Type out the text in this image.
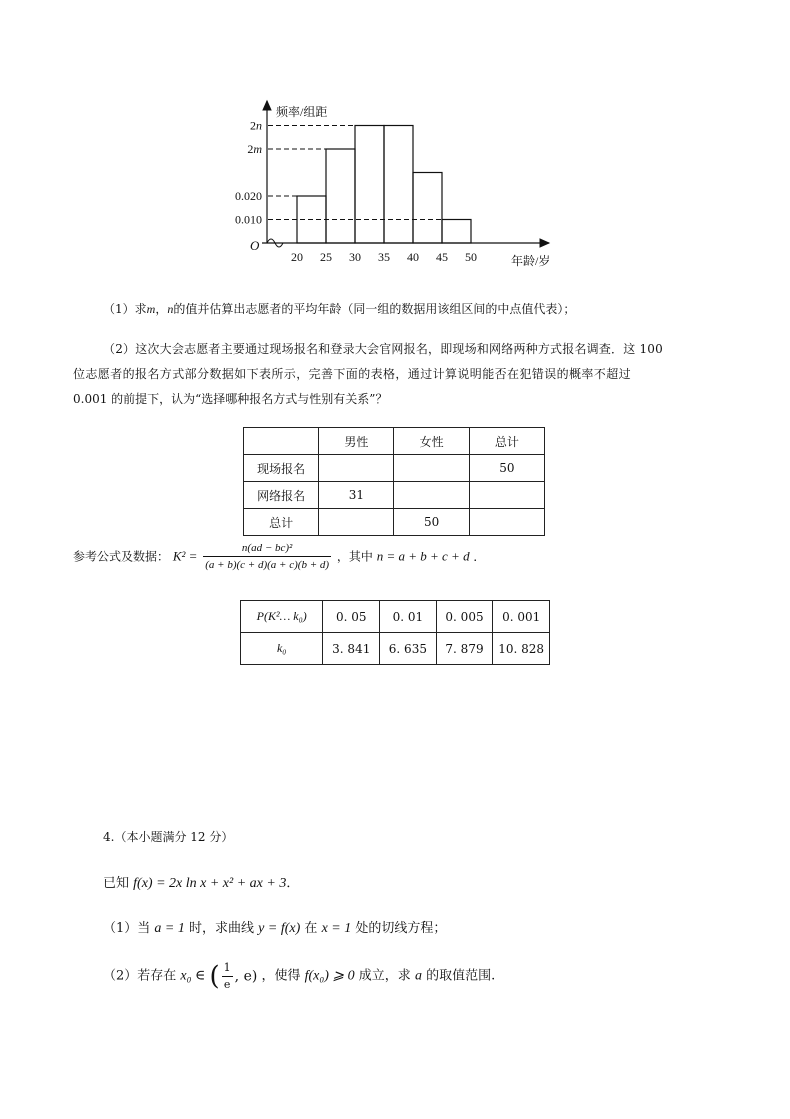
频率/组距
年龄/岁
O
0.010
0.020
2m
2n
20 25 30 35 40 45 50
（1）求m，n的值并估算出志愿者的平均年龄（同一组的数据用该组区间的中点值代表）；
（2）这次大会志愿者主要通过现场报名和登录大会官网报名，即现场和网络两种方式报名调查．这 100
位志愿者的报名方式部分数据如下表所示，完善下面的表格，通过计算说明能否在犯错误的概率不超过
0.001 的前提下，认为“选择哪种报名方式与性别有关系”？
	男性	女性	总计
现场报名			50
网络报名	31		
总计		50	
参考公式及数据： $K^2 = \frac{\text{n(ad − bc)²}}{(a + b)(c + d)(a + c)(b + d)}$ ，其中 n = a + b + c + d ．
P(K²… k₀)	0. 05	0. 01	0. 005	0. 001
k₀	3. 841	6. 635	7. 879	10. 828
4.（本小题满分 12 分）
已知 f(x) = 2x ln x + x² + ax + 3．
（1）当 a = 1 时，求曲线 y = f(x) 在 x = 1 处的切线方程；
（2）若存在 x₀ ∈ ( $\frac{1}{e}$ , e) ，使得 f(x₀) ⩾ 0 成立，求 a 的取值范围.
